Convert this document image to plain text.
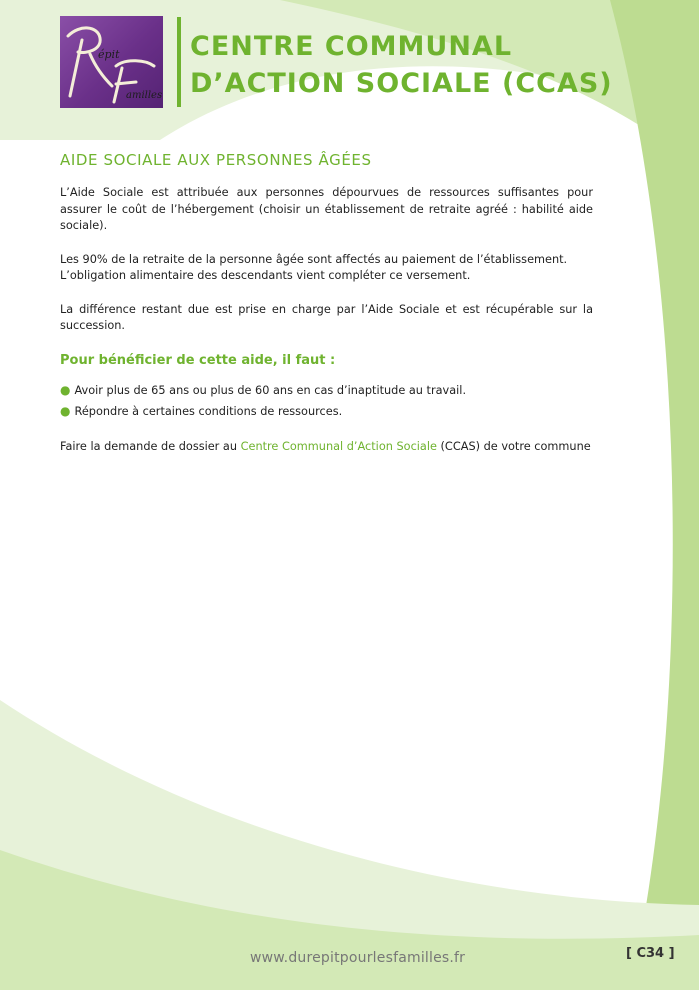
épit
amilles
CENTRE COMMUNAL
D’ACTION SOCIALE (CCAS)
AIDE SOCIALE AUX PERSONNES ÂGÉES

L’Aide Sociale est attribuée aux personnes dépourvues de ressources suffisantes pour assurer le coût de l’hébergement (choisir un établissement de retraite agréé : habilité aide sociale).

Les 90% de la retraite de la personne âgée sont affectés au paiement de l’établissement.
L’obligation alimentaire des descendants vient compléter ce versement.

La différence restant due est prise en charge par l’Aide Sociale et est récupérable sur la succession.

Pour bénéficier de cette aide, il faut :
● Avoir plus de 65 ans ou plus de 60 ans en cas d’inaptitude au travail.
● Répondre à certaines conditions de ressources.

Faire la demande de dossier au Centre Communal d’Action Sociale (CCAS) de votre commune

www.durepitpourlesfamilles.fr	[ C34 ]
